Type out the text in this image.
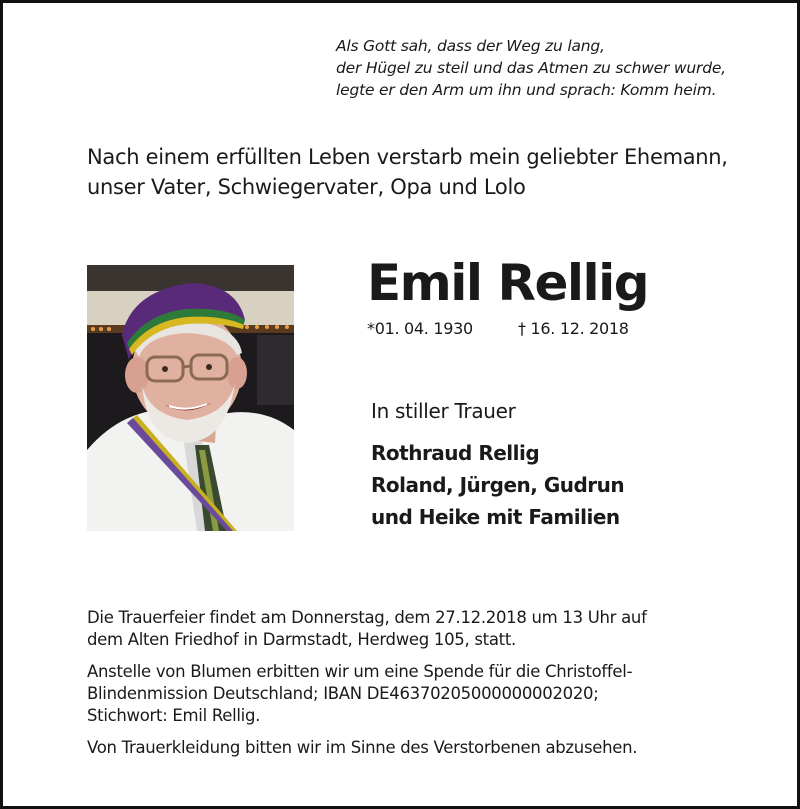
Als Gott sah, dass der Weg zu lang,
der Hügel zu steil und das Atmen zu schwer wurde,
legte er den Arm um ihn und sprach: Komm heim.
Nach einem erfüllten Leben verstarb mein geliebter Ehemann,
unser Vater, Schwiegervater, Opa und Lolo
Emil Rellig
*01. 04. 1930	† 16. 12. 2018
In stiller Trauer
Rothraud Rellig
Roland, Jürgen, Gudrun
und Heike mit Familien

Die Trauerfeier findet am Donnerstag, dem 27.12.2018 um 13 Uhr auf
dem Alten Friedhof in Darmstadt, Herdweg 105, statt.

Anstelle von Blumen erbitten wir um eine Spende für die Christoffel-
Blindenmission Deutschland; IBAN DE46370205000000002020;
Stichwort: Emil Rellig.

Von Trauerkleidung bitten wir im Sinne des Verstorbenen abzusehen.
